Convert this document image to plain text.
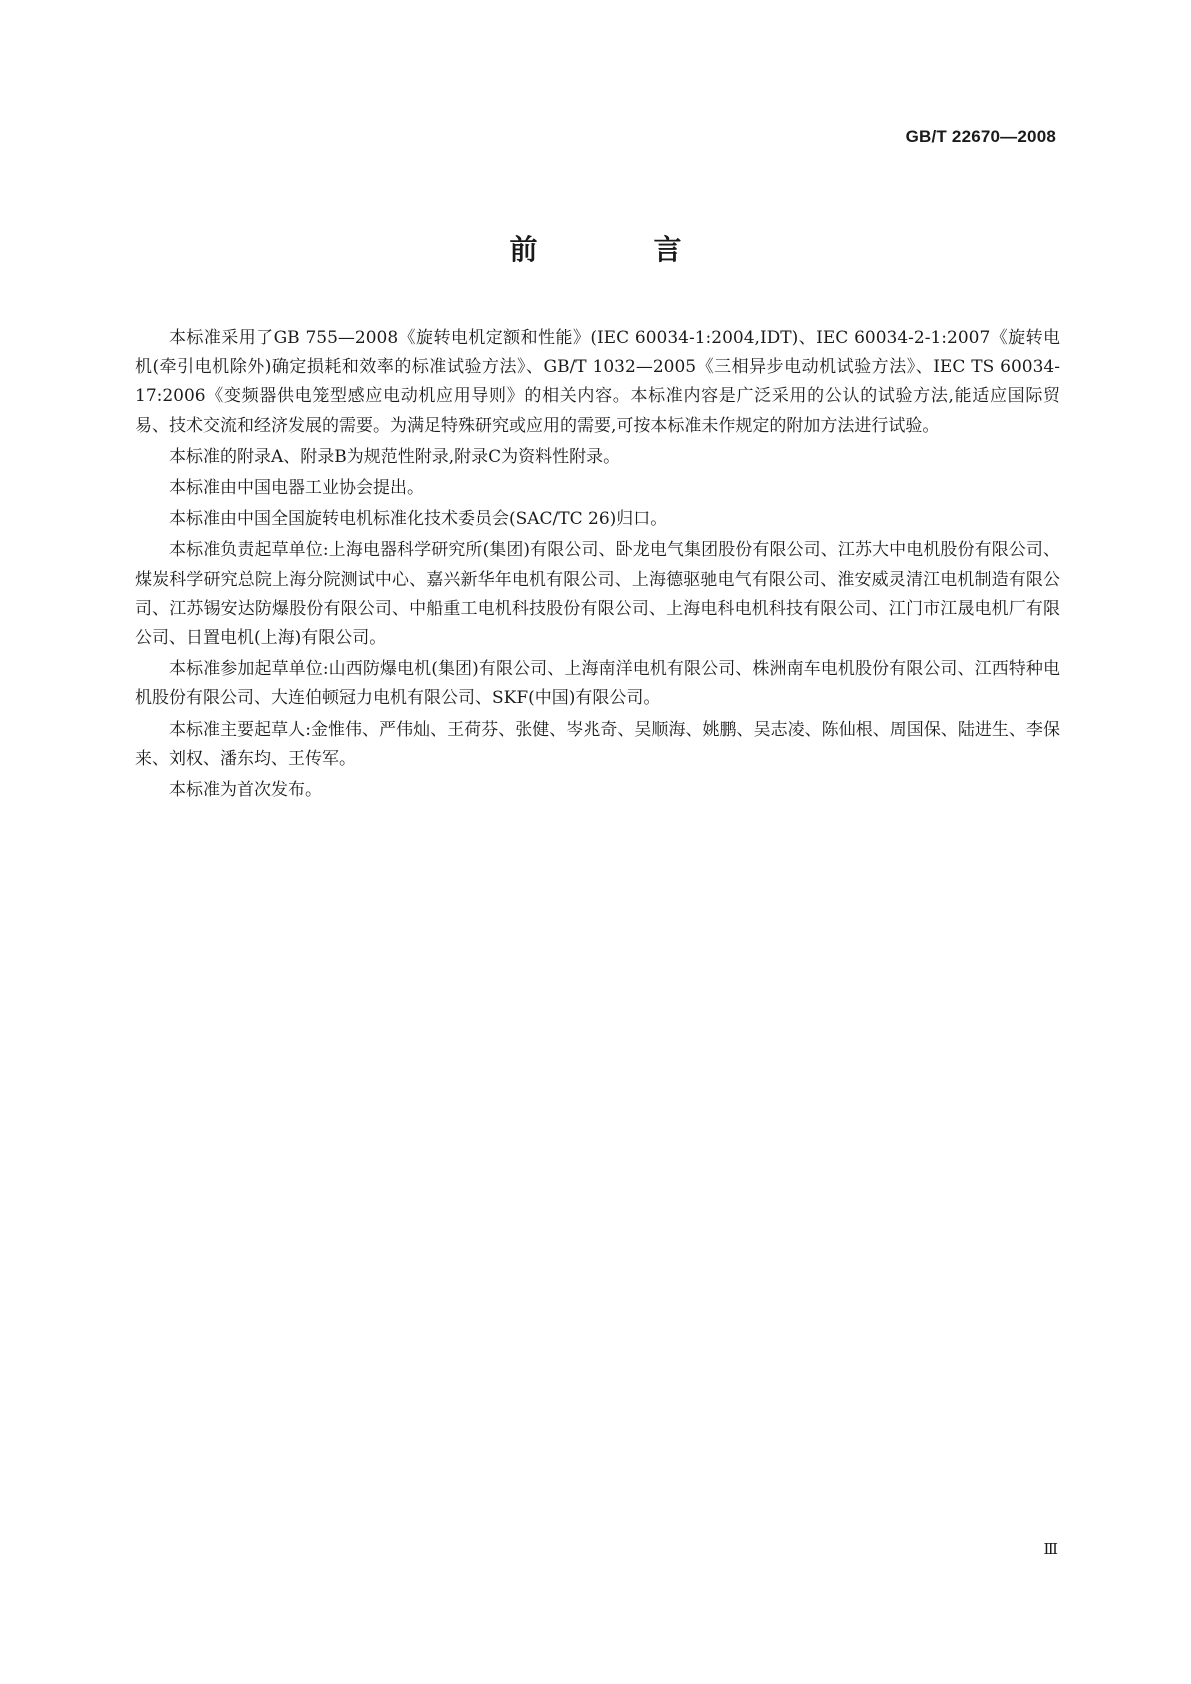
GB/T 22670—2008
前　言

本标准采用了GB 755—2008《旋转电机定额和性能》(IEC 60034-1:2004,IDT)、IEC 60034-2-1:2007《旋转电机(牵引电机除外)确定损耗和效率的标准试验方法》、GB/T 1032—2005《三相异步电动机试验方法》、IEC TS 60034-17:2006《变频器供电笼型感应电动机应用导则》的相关内容。本标准内容是广泛采用的公认的试验方法,能适应国际贸易、技术交流和经济发展的需要。为满足特殊研究或应用的需要,可按本标准未作规定的附加方法进行试验。

本标准的附录A、附录B为规范性附录,附录C为资料性附录。

本标准由中国电器工业协会提出。

本标准由中国全国旋转电机标准化技术委员会(SAC/TC 26)归口。

本标准负责起草单位:上海电器科学研究所(集团)有限公司、卧龙电气集团股份有限公司、江苏大中电机股份有限公司、煤炭科学研究总院上海分院测试中心、嘉兴新华年电机有限公司、上海德驱驰电气有限公司、淮安威灵清江电机制造有限公司、江苏锡安达防爆股份有限公司、中船重工电机科技股份有限公司、上海电科电机科技有限公司、江门市江晟电机厂有限公司、日置电机(上海)有限公司。

本标准参加起草单位:山西防爆电机(集团)有限公司、上海南洋电机有限公司、株洲南车电机股份有限公司、江西特种电机股份有限公司、大连伯顿冠力电机有限公司、SKF(中国)有限公司。

本标准主要起草人:金惟伟、严伟灿、王荷芬、张健、岑兆奇、吴顺海、姚鹏、吴志凌、陈仙根、周国保、陆进生、李保来、刘权、潘东均、王传军。

本标准为首次发布。

Ⅲ
